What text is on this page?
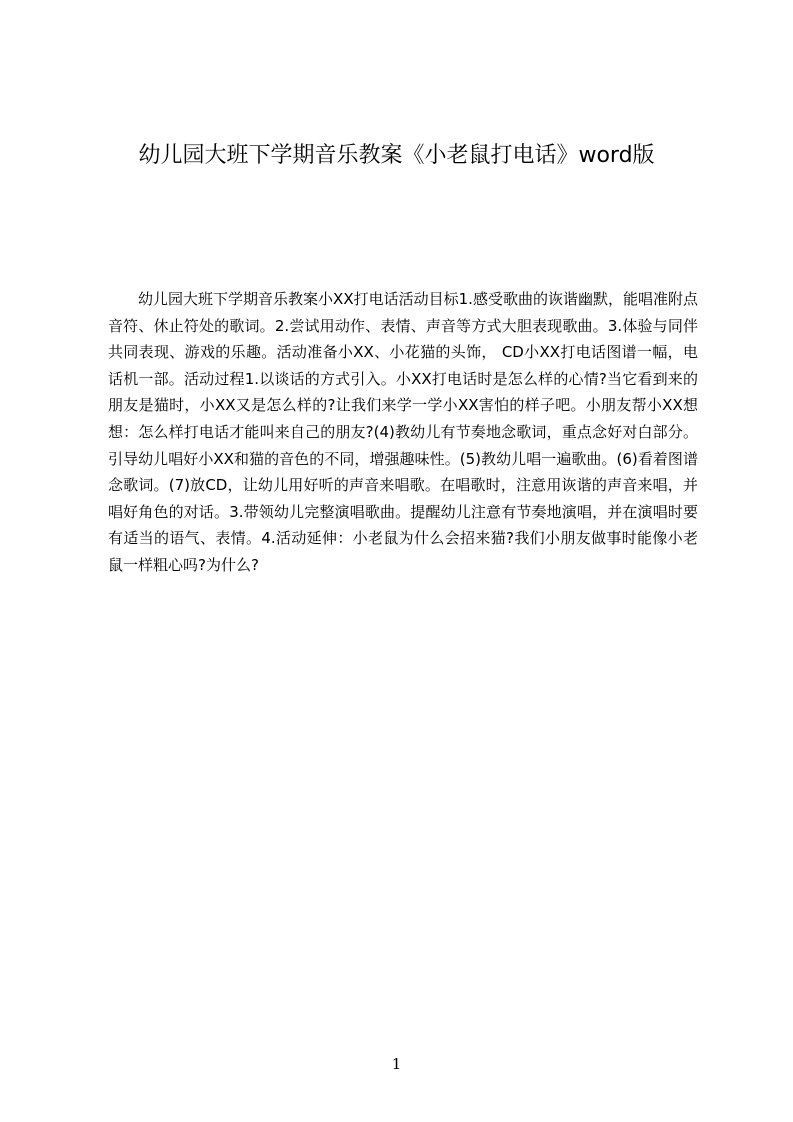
幼儿园大班下学期音乐教案《小老鼠打电话》word版

幼儿园大班下学期音乐教案小XX打电话活动目标1.感受歌曲的诙谐幽默，能唱准附点音符、休止符处的歌词。2.尝试用动作、表情、声音等方式大胆表现歌曲。3.体验与同伴共同表现、游戏的乐趣。活动准备小XX、小花猫的头饰， CD小XX打电话图谱一幅，电话机一部。活动过程1.以谈话的方式引入。小XX打电话时是怎么样的心情?当它看到来的朋友是猫时，小XX又是怎么样的?让我们来学一学小XX害怕的样子吧。小朋友帮小XX想想：怎么样打电话才能叫来自己的朋友?(4)教幼儿有节奏地念歌词，重点念好对白部分。引导幼儿唱好小XX和猫的音色的不同，增强趣味性。(5)教幼儿唱一遍歌曲。(6)看着图谱念歌词。(7)放CD，让幼儿用好听的声音来唱歌。在唱歌时，注意用诙谐的声音来唱，并唱好角色的对话。3.带领幼儿完整演唱歌曲。提醒幼儿注意有节奏地演唱，并在演唱时要有适当的语气、表情。4.活动延伸：小老鼠为什么会招来猫?我们小朋友做事时能像小老鼠一样粗心吗?为什么?

1
